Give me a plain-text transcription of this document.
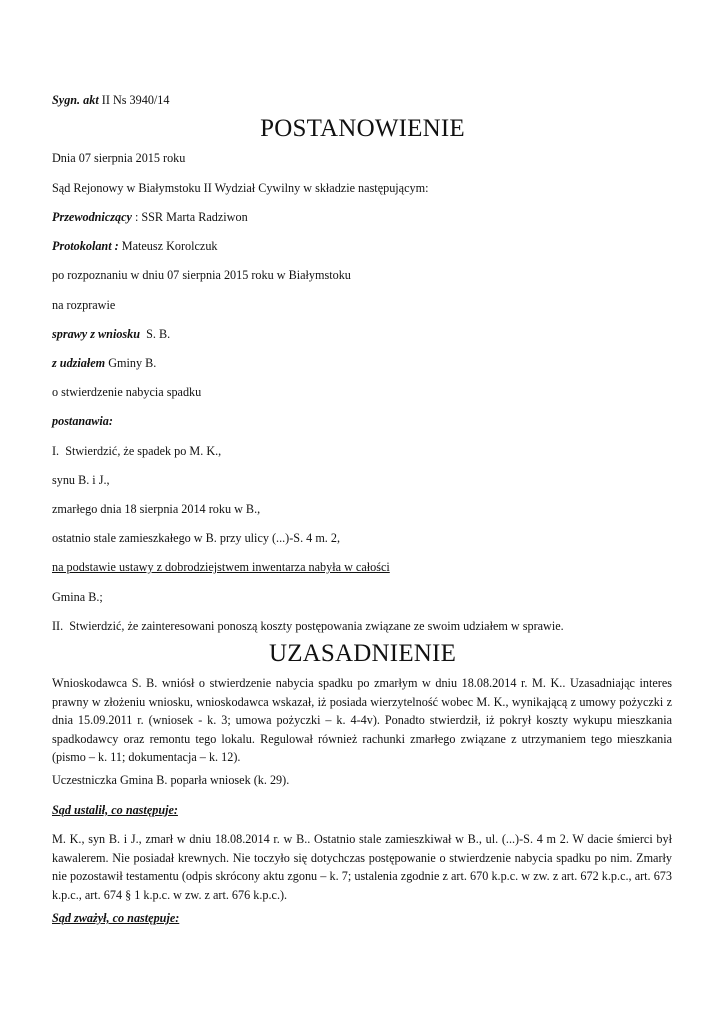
Sygn. akt II Ns 3940/14
POSTANOWIENIE
Dnia 07 sierpnia 2015 roku
Sąd Rejonowy w Białymstoku II Wydział Cywilny w składzie następującym:
Przewodniczący : SSR Marta Radziwon
Protokolant : Mateusz Korolczuk
po rozpoznaniu w dniu 07 sierpnia 2015 roku w Białymstoku
na rozprawie
sprawy z wniosku  S. B.
z udziałem Gminy B.
o stwierdzenie nabycia spadku
postanawia:
I.  Stwierdzić, że spadek po M. K.,
synu B. i J.,
zmarłego dnia 18 sierpnia 2014 roku w B.,
ostatnio stale zamieszkałego w B. przy ulicy (...)-S. 4 m. 2,
na podstawie ustawy z dobrodziejstwem inwentarza nabyła w całości
Gmina B.;
II.  Stwierdzić, że zainteresowani ponoszą koszty postępowania związane ze swoim udziałem w sprawie.
UZASADNIENIE
Wnioskodawca S. B. wniósł o stwierdzenie nabycia spadku po zmarłym w dniu 18.08.2014 r. M. K.. Uzasadniając interes prawny w złożeniu wniosku, wnioskodawca wskazał, iż posiada wierzytelność wobec M. K., wynikającą z umowy pożyczki z dnia 15.09.2011 r. (wniosek - k. 3; umowa pożyczki – k. 4-4v). Ponadto stwierdził, iż pokrył koszty wykupu mieszkania spadkodawcy oraz remontu tego lokalu. Regulował również rachunki zmarłego związane z utrzymaniem tego mieszkania (pismo – k. 11; dokumentacja – k. 12).
Uczestniczka Gmina B. poparła wniosek (k. 29).
Sąd ustalił, co następuje:
M. K., syn B. i J., zmarł w dniu 18.08.2014 r. w B.. Ostatnio stale zamieszkiwał w B., ul. (...)-S. 4 m 2. W dacie śmierci był kawalerem. Nie posiadał krewnych. Nie toczyło się dotychczas postępowanie o stwierdzenie nabycia spadku po nim. Zmarły nie pozostawił testamentu (odpis skrócony aktu zgonu – k. 7; ustalenia zgodnie z art. 670 k.p.c. w zw. z art. 672 k.p.c., art. 673 k.p.c., art. 674 § 1 k.p.c. w zw. z art. 676 k.p.c.).
Sąd zważył, co następuje:
